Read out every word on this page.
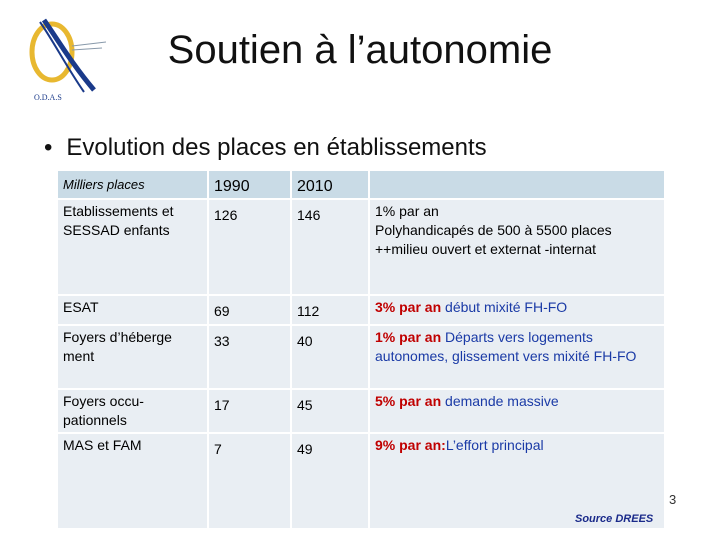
O.D.A.S
Soutien à l’autonomie
• Evolution des places en établissements
Milliers places	1990	2010	
Etablissements et SESSAD enfants	126	146	1% par an
Polyhandicapés de 500 à 5500 places ++milieu ouvert et externat -internat
ESAT	69	112	3% par an début mixité FH-FO
Foyers d’héberge ment	33	40	1% par an Départs vers logements autonomes, glissement vers mixité FH-FO
Foyers occu-pationnels	17	45	5% par an demande massive
MAS et FAM	7	49	9% par an:L’effort principal
3
Source DREES
